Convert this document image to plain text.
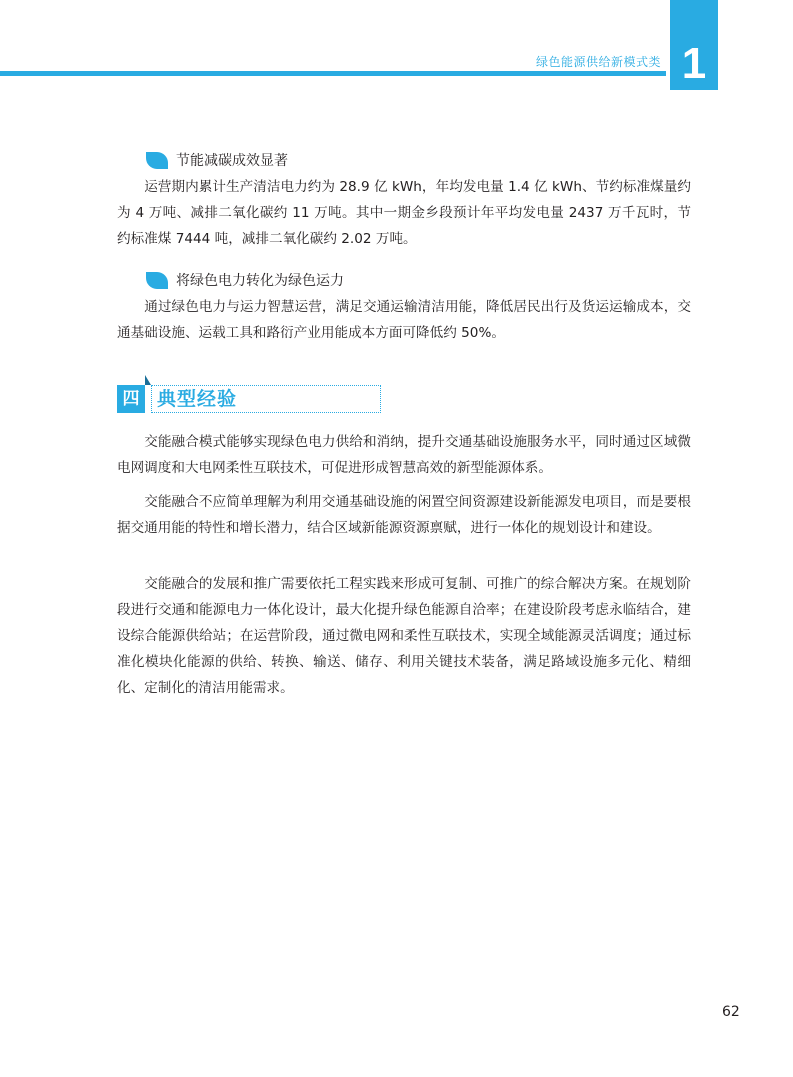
绿色能源供给新模式类 1
节能减碳成效显著

运营期内累计生产清洁电力约为 28.9 亿 kWh，年均发电量 1.4 亿 kWh、节约标准煤量约为 4 万吨、减排二氧化碳约 11 万吨。其中一期金乡段预计年平均发电量 2437 万千瓦时，节约标准煤 7444 吨，减排二氧化碳约 2.02 万吨。

将绿色电力转化为绿色运力

通过绿色电力与运力智慧运营，满足交通运输清洁用能，降低居民出行及货运运输成本，交通基础设施、运载工具和路衍产业用能成本方面可降低约 50%。

四 典型经验

交能融合模式能够实现绿色电力供给和消纳，提升交通基础设施服务水平，同时通过区域微电网调度和大电网柔性互联技术，可促进形成智慧高效的新型能源体系。

交能融合不应简单理解为利用交通基础设施的闲置空间资源建设新能源发电项目，而是要根据交通用能的特性和增长潜力，结合区域新能源资源禀赋，进行一体化的规划设计和建设。

交能融合的发展和推广需要依托工程实践来形成可复制、可推广的综合解决方案。在规划阶段进行交通和能源电力一体化设计，最大化提升绿色能源自洽率；在建设阶段考虑永临结合，建设综合能源供给站；在运营阶段，通过微电网和柔性互联技术，实现全域能源灵活调度；通过标准化模块化能源的供给、转换、输送、储存、利用关键技术装备，满足路域设施多元化、精细化、定制化的清洁用能需求。

62
